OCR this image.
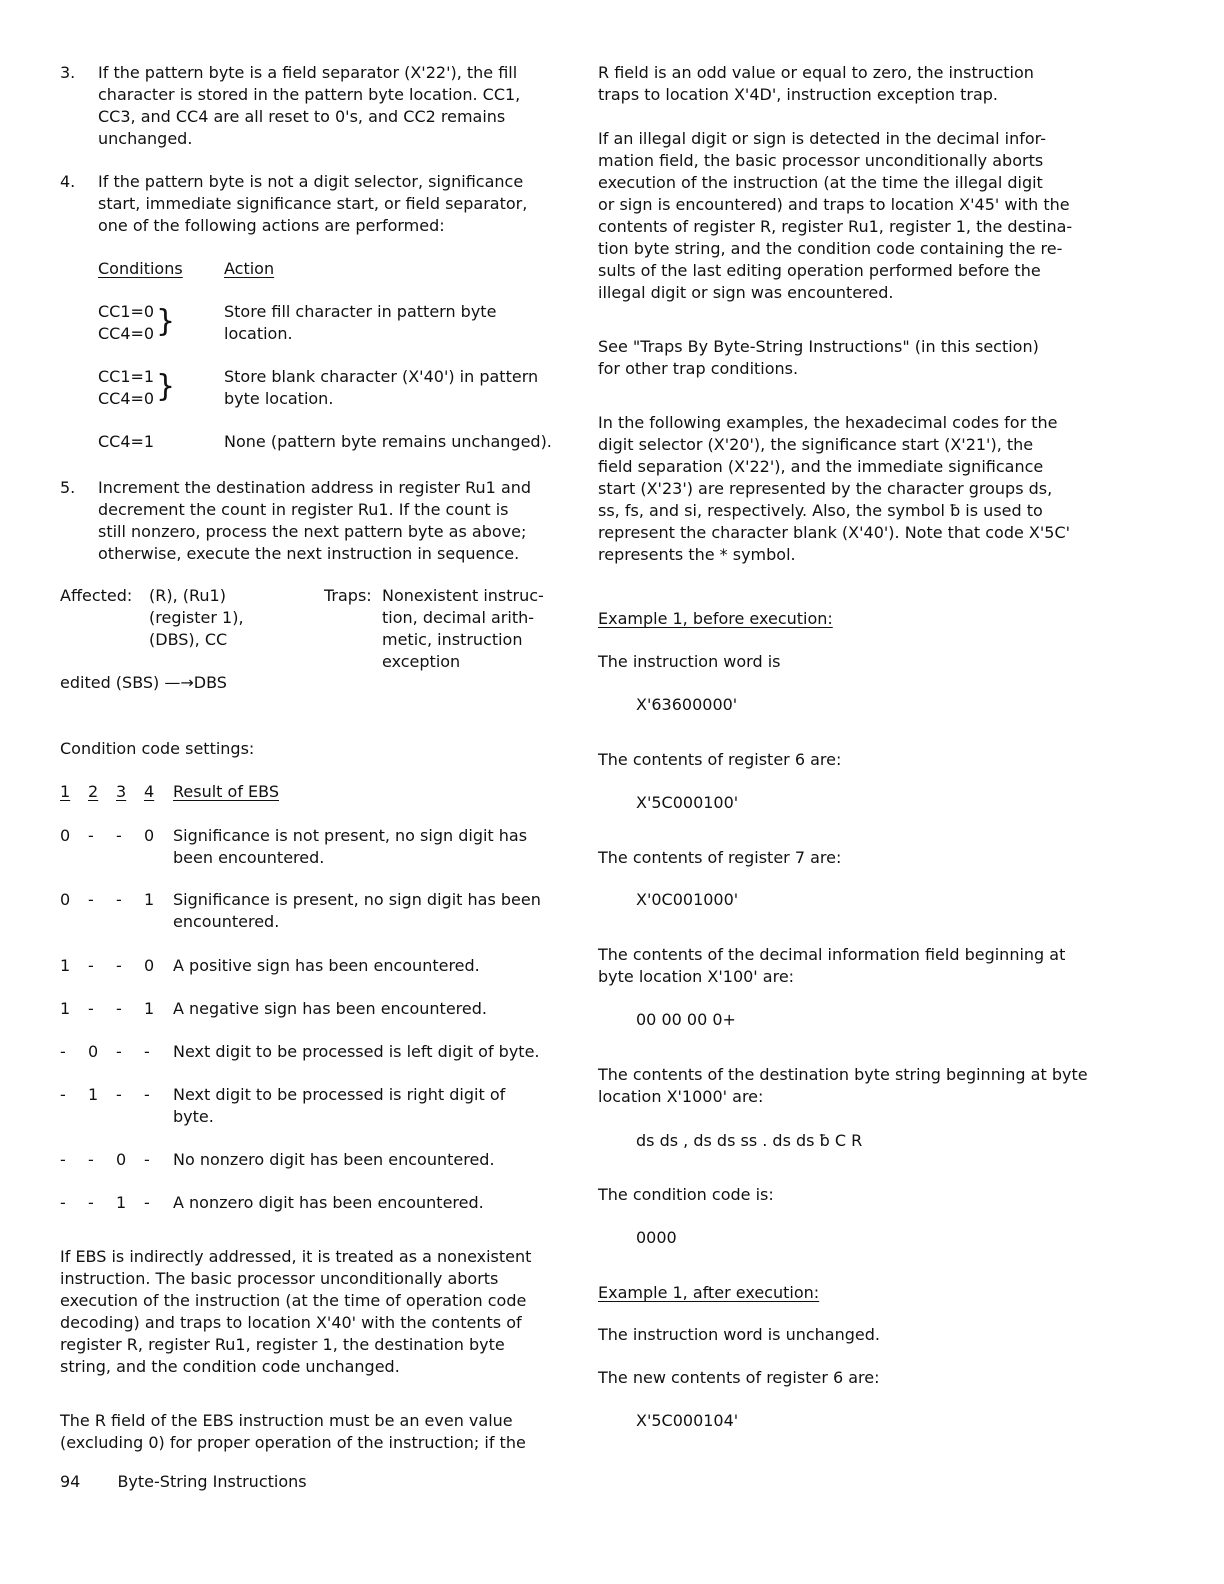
3. If the pattern byte is a field separator (X'22'), the fill

character is stored in the pattern byte location. CC1,

CC3, and CC4 are all reset to 0's, and CC2 remains

unchanged.

4. If the pattern byte is not a digit selector, significance

start, immediate significance start, or field separator,

one of the following actions are performed:

Conditions	Action
CC1=0
CC4=0 }	Store fill character in pattern byte
location.
CC1=1
CC4=0 }	Store blank character (X'40') in pattern
byte location.
CC4=1	None (pattern byte remains unchanged).
5. Increment the destination address in register Ru1 and

decrement the count in register Ru1. If the count is

still nonzero, process the next pattern byte as above;

otherwise, execute the next instruction in sequence.

Affected: (R), (Ru1)
(register 1),
(DBS), CC
Traps: Nonexistent instruc-
tion, decimal arith-
metic, instruction
exception
edited (SBS) —→DBS

Condition code settings:

1 2 3 4 Result of EBS
0 - - 0 Significance is not present, no sign digit has

been encountered.

0 - - 1 Significance is present, no sign digit has been

encountered.

1 - - 0 A positive sign has been encountered.

1 - - 1 A negative sign has been encountered.

- 0 - - Next digit to be processed is left digit of byte.

- 1 - - Next digit to be processed is right digit of byte.

- - 0 - No nonzero digit has been encountered.

- - 1 - A nonzero digit has been encountered.

If EBS is indirectly addressed, it is treated as a nonexistent

instruction. The basic processor unconditionally aborts

execution of the instruction (at the time of operation code

decoding) and traps to location X'40' with the contents of

register R, register Ru1, register 1, the destination byte

string, and the condition code unchanged.

The R field of the EBS instruction must be an even value

(excluding 0) for proper operation of the instruction; if the

R field is an odd value or equal to zero, the instruction

traps to location X'4D', instruction exception trap.

If an illegal digit or sign is detected in the decimal infor-

mation field, the basic processor unconditionally aborts

execution of the instruction (at the time the illegal digit

or sign is encountered) and traps to location X'45' with the

contents of register R, register Ru1, register 1, the destina-

tion byte string, and the condition code containing the re-

sults of the last editing operation performed before the

illegal digit or sign was encountered.

See "Traps By Byte-String Instructions" (in this section)

for other trap conditions.

In the following examples, the hexadecimal codes for the

digit selector (X'20'), the significance start (X'21'), the

field separation (X'22'), and the immediate significance

start (X'23') are represented by the character groups ds,

ss, fs, and si, respectively. Also, the symbol ƀ is used to

represent the character blank (X'40'). Note that code X'5C'

represents the * symbol.

Example 1, before execution:

The instruction word is

X'63600000'

The contents of register 6 are:

X'5C000100'

The contents of register 7 are:

X'0C001000'

The contents of the decimal information field beginning at

byte location X'100' are:

00 00 00 0+

The contents of the destination byte string beginning at byte

location X'1000' are:

ds ds , ds ds ss . ds ds ƀ C R

The condition code is:

0000

Example 1, after execution:

The instruction word is unchanged.

The new contents of register 6 are:

X'5C000104'

94 Byte-String Instructions
